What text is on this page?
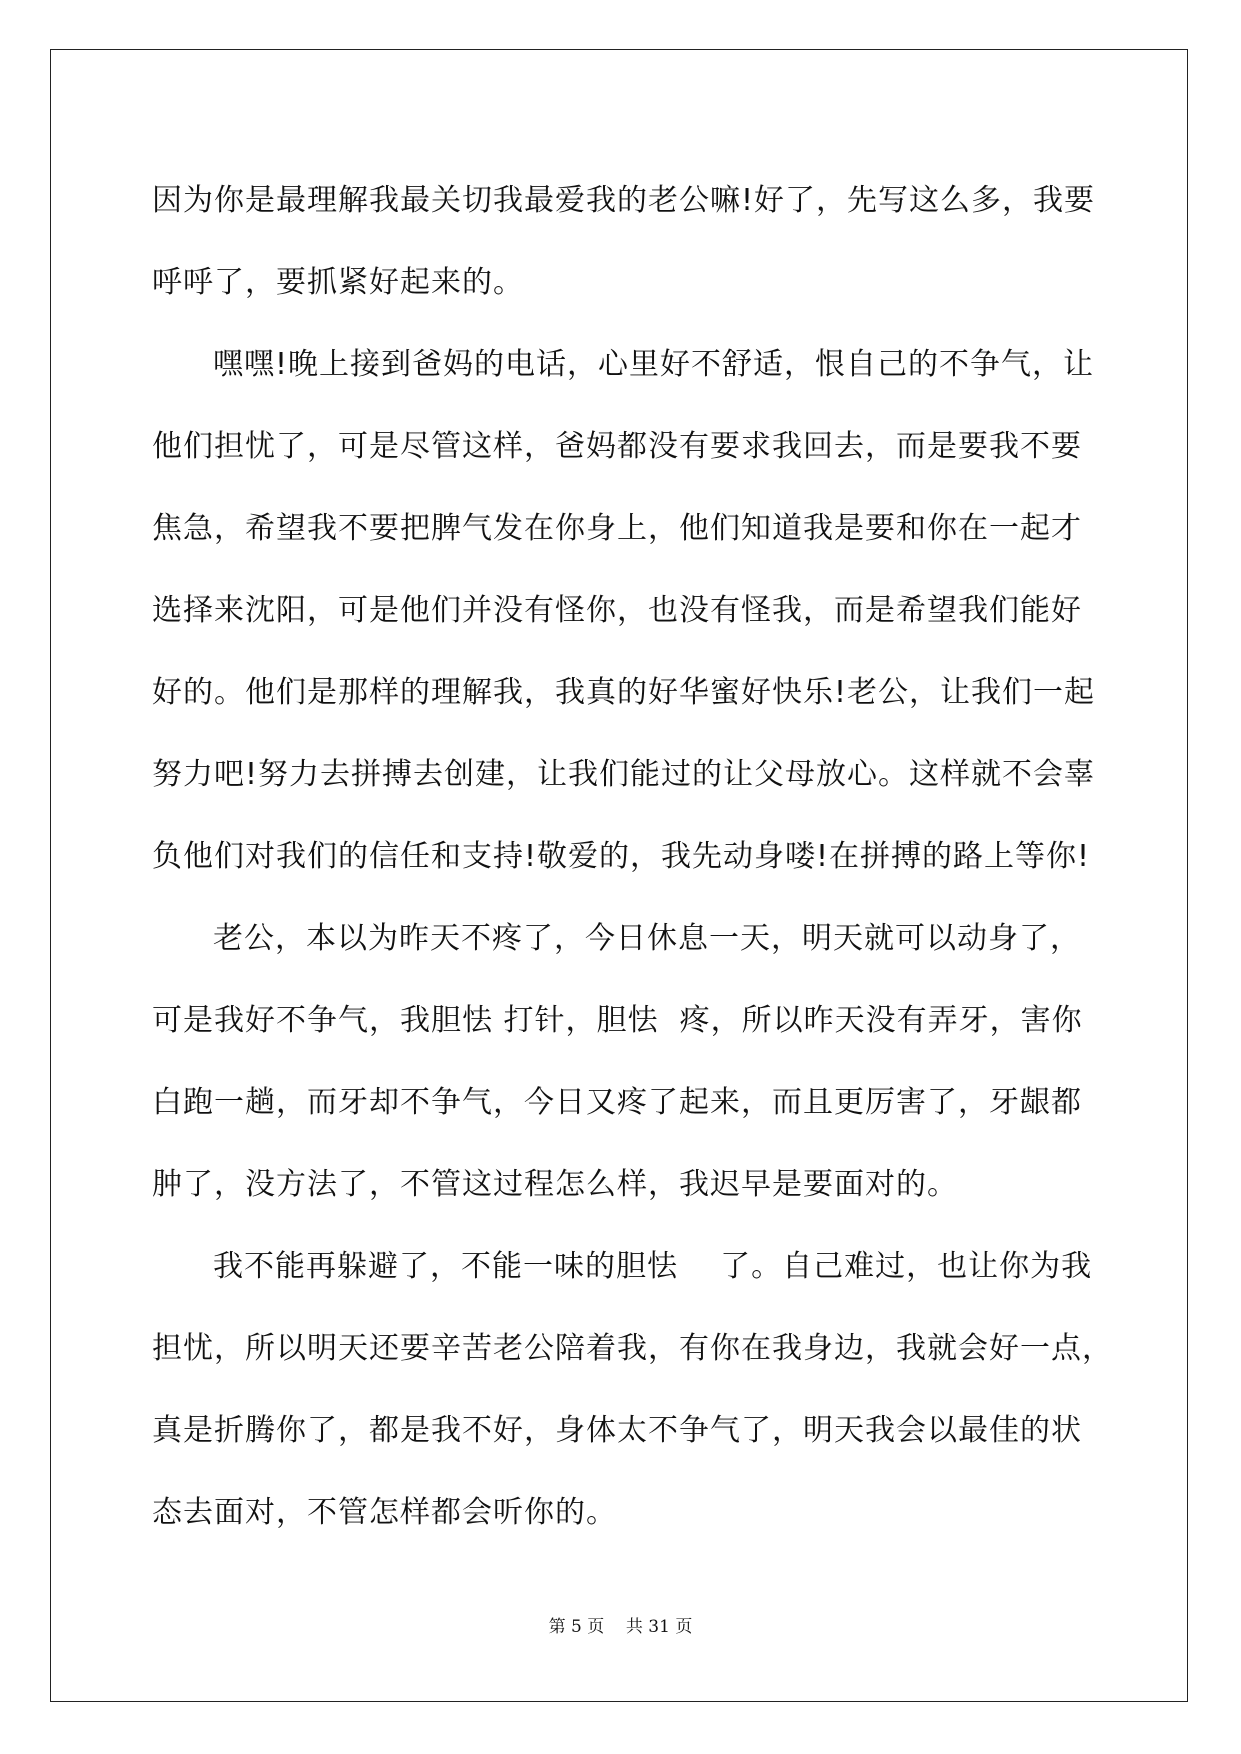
因为你是最理解我最关切我最爱我的老公嘛!好了，先写这么多，我要
呼呼了，要抓紧好起来的。
嘿嘿!晚上接到爸妈的电话，心里好不舒适，恨自己的不争气，让
他们担忧了，可是尽管这样，爸妈都没有要求我回去，而是要我不要
焦急，希望我不要把脾气发在你身上，他们知道我是要和你在一起才
选择来沈阳，可是他们并没有怪你，也没有怪我，而是希望我们能好
好的。他们是那样的理解我，我真的好华蜜好快乐!老公，让我们一起
努力吧!努力去拼搏去创建，让我们能过的让父母放心。这样就不会辜
负他们对我们的信任和支持!敬爱的，我先动身喽!在拼搏的路上等你!
老公，本以为昨天不疼了，今日休息一天，明天就可以动身了，
可是我好不争气，我胆怯 打针，胆怯  疼，所以昨天没有弄牙，害你
白跑一趟，而牙却不争气，今日又疼了起来，而且更厉害了，牙龈都
肿了，没方法了，不管这过程怎么样，我迟早是要面对的。
我不能再躲避了，不能一味的胆怯    了。自己难过，也让你为我
担忧，所以明天还要辛苦老公陪着我，有你在我身边，我就会好一点，
真是折腾你了，都是我不好，身体太不争气了，明天我会以最佳的状
态去面对，不管怎样都会听你的。
第 5 页    共 31 页
